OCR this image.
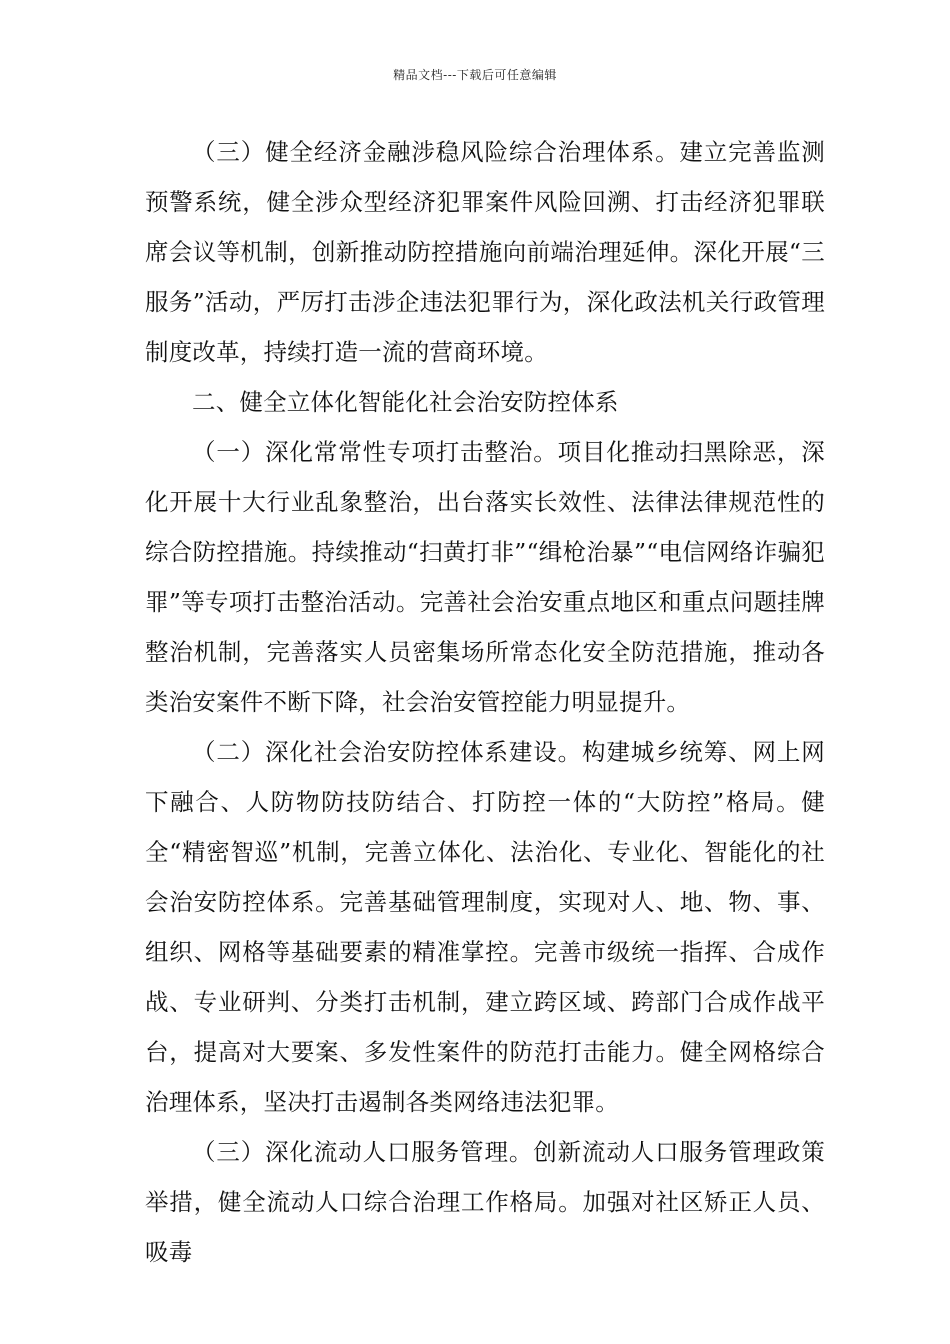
精品文档---下载后可任意编辑

（三）健全经济金融涉稳风险综合治理体系。建立完善监测预警系统，健全涉众型经济犯罪案件风险回溯、打击经济犯罪联席会议等机制，创新推动防控措施向前端治理延伸。深化开展“三服务”活动，严厉打击涉企违法犯罪行为，深化政法机关行政管理制度改革，持续打造一流的营商环境。

二、健全立体化智能化社会治安防控体系

（一）深化常常性专项打击整治。项目化推动扫黑除恶，深化开展十大行业乱象整治，出台落实长效性、法律法律规范性的综合防控措施。持续推动“扫黄打非”“缉枪治暴”“电信网络诈骗犯罪”等专项打击整治活动。完善社会治安重点地区和重点问题挂牌整治机制，完善落实人员密集场所常态化安全防范措施，推动各类治安案件不断下降，社会治安管控能力明显提升。

（二）深化社会治安防控体系建设。构建城乡统筹、网上网下融合、人防物防技防结合、打防控一体的“大防控”格局。健全“精密智巡”机制，完善立体化、法治化、专业化、智能化的社会治安防控体系。完善基础管理制度，实现对人、地、物、事、组织、网格等基础要素的精准掌控。完善市级统一指挥、合成作战、专业研判、分类打击机制，建立跨区域、跨部门合成作战平台，提高对大要案、多发性案件的防范打击能力。健全网格综合治理体系，坚决打击遏制各类网络违法犯罪。

（三）深化流动人口服务管理。创新流动人口服务管理政策举措，健全流动人口综合治理工作格局。加强对社区矫正人员、吸毒
